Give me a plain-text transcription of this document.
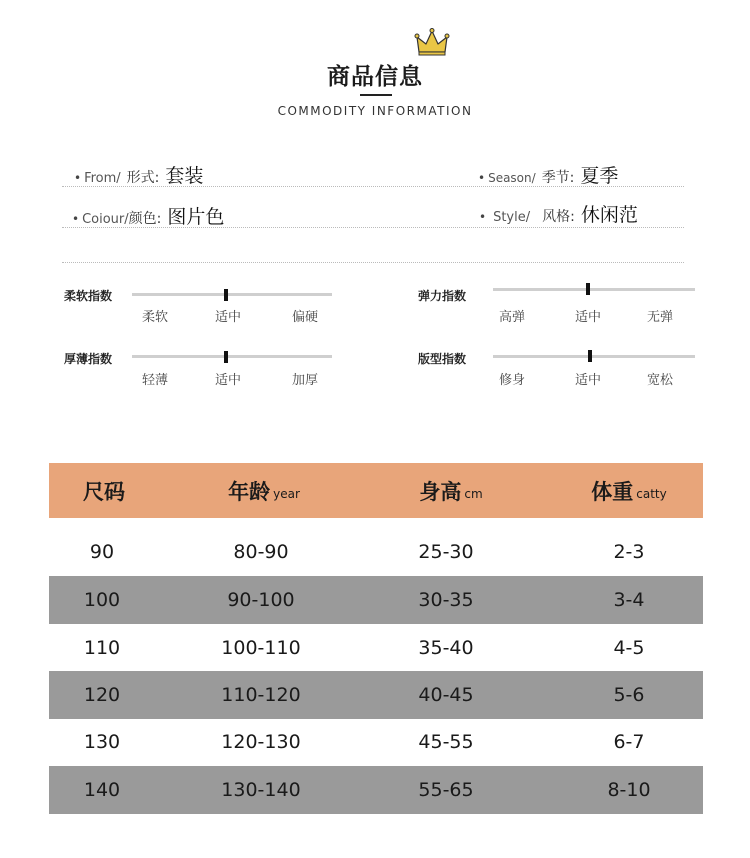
商品信息
COMMODITY INFORMATION
• From/ 形式: 套装	• Season/ 季节: 夏季
• Coiour/ 颜色: 图片色	• Style/ 风格: 休闲范
柔软指数
柔软	适中	偏硬
弹力指数
高弹	适中	无弹
厚薄指数
轻薄	适中	加厚
版型指数
修身	适中	宽松
尺码	年龄 year	身高 cm	体重 catty
90	80-90	25-30	2-3
100	90-100	30-35	3-4
110	100-110	35-40	4-5
120	110-120	40-45	5-6
130	120-130	45-55	6-7
140	130-140	55-65	8-10
